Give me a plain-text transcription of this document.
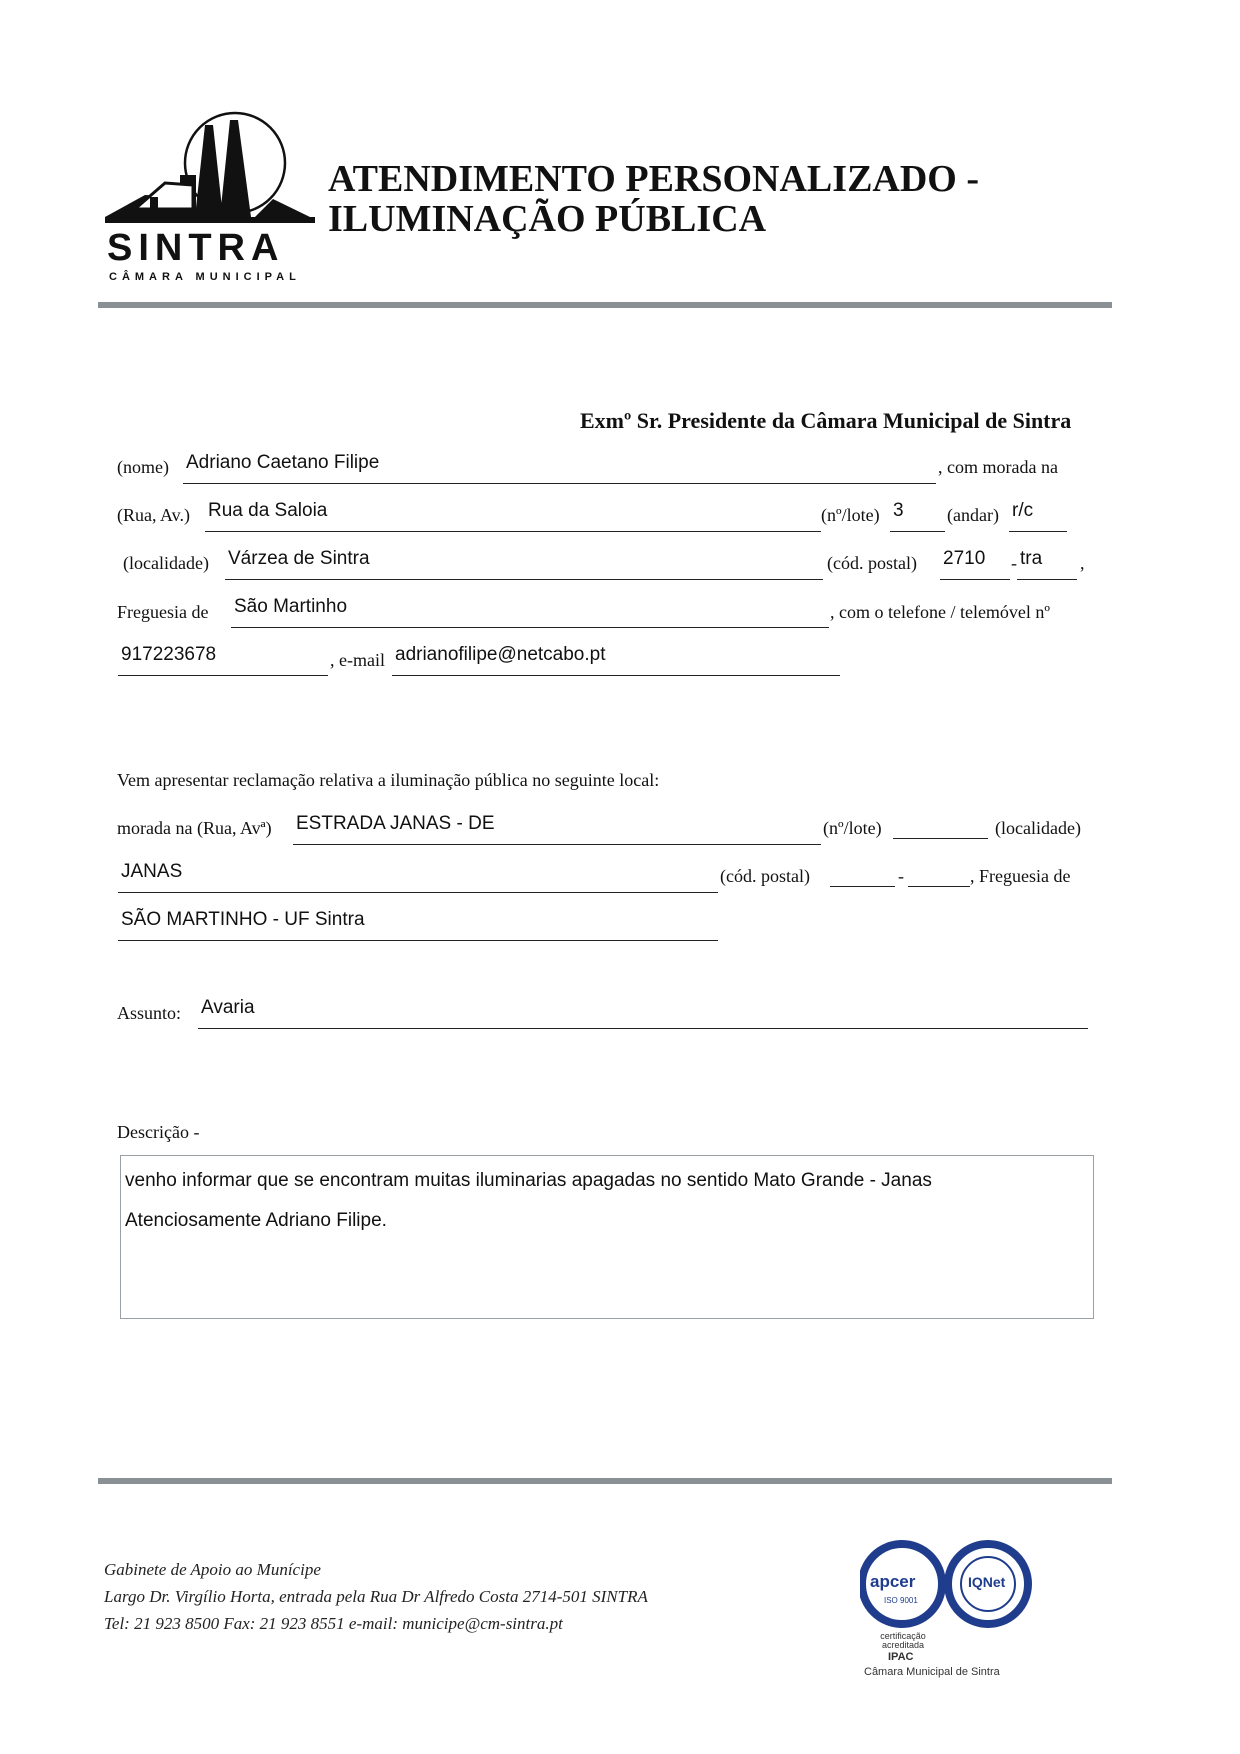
SINTRA
CÂMARA MUNICIPAL
ATENDIMENTO PERSONALIZADO -
ILUMINAÇÃO PÚBLICA
Exmº Sr. Presidente da Câmara Municipal de Sintra
(nome) Adriano Caetano Filipe	, com morada na
(Rua, Av.) Rua da Saloia	(nº/lote) 3 (andar) r/c
(localidade) Várzea de Sintra	(cód. postal) 2710 - tra ,
Freguesia de São Martinho	, com o telefone / telemóvel nº
917223678	, e-mail adrianofilipe@netcabo.pt
Vem apresentar reclamação relativa a iluminação pública no seguinte local:
morada na (Rua, Avª) ESTRADA JANAS - DE	(nº/lote)	(localidade)
JANAS	(cód. postal)	-	, Freguesia de
SÃO MARTINHO - UF Sintra
Assunto: Avaria
Descrição -
venho informar que se encontram muitas iluminarias apagadas no sentido Mato Grande - Janas
Atenciosamente Adriano Filipe.
Gabinete de Apoio ao Munícipe
Largo Dr. Virgílio Horta, entrada pela Rua Dr Alfredo Costa 2714-501 SINTRA
Tel: 21 923 8500 Fax: 21 923 8551 e-mail: municipe@cm-sintra.pt
apcer
ISO 9001
IQNet
certificação acreditada
IPAC
Câmara Municipal de Sintra
